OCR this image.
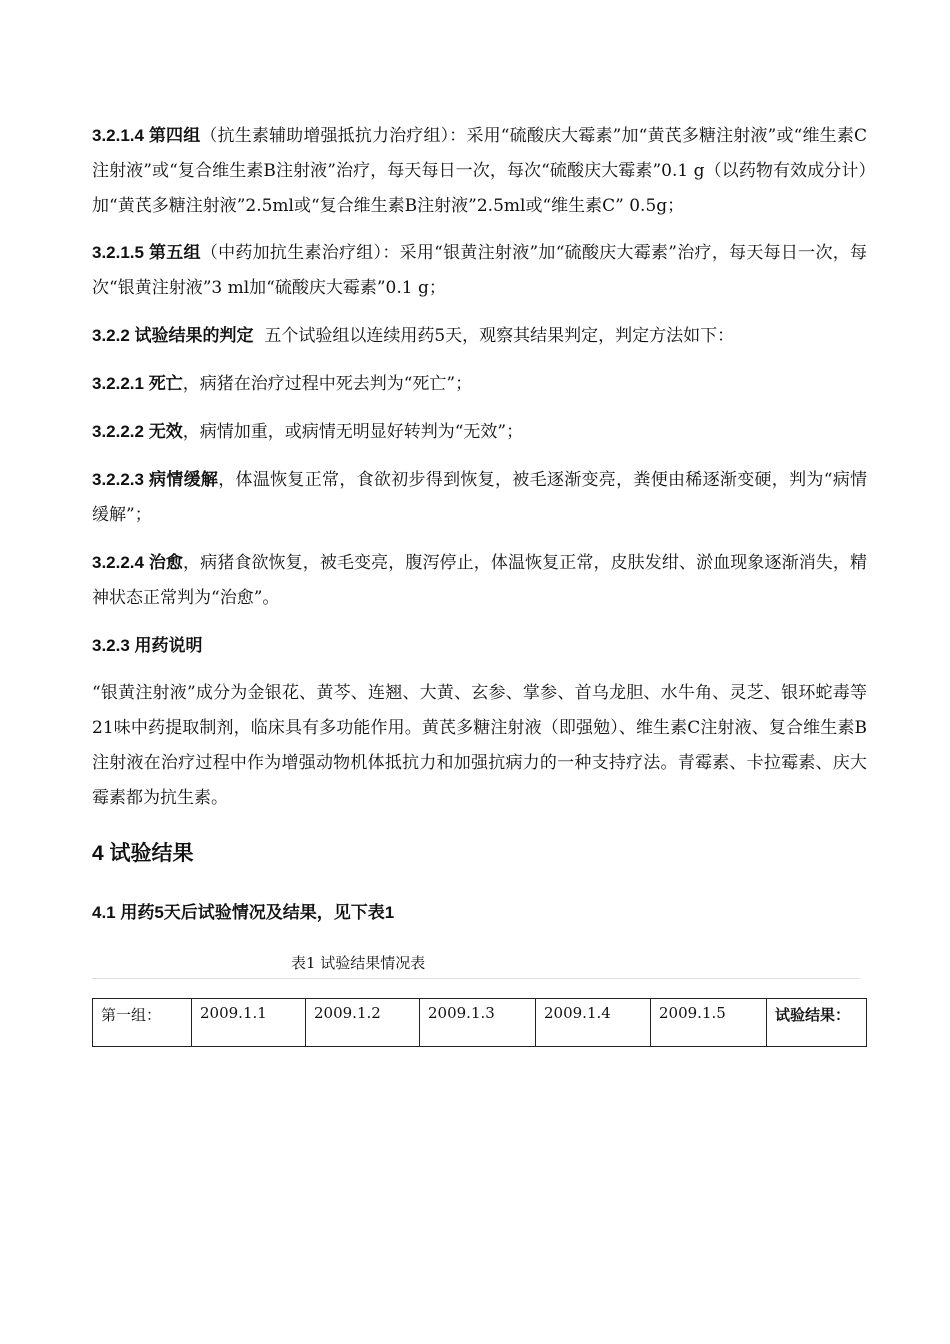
3.2.1.4 第四组（抗生素辅助增强抵抗力治疗组）：采用“硫酸庆大霉素”加“黄芪多糖注射液”或“维生素C注射液”或“复合维生素B注射液”治疗，每天每日一次，每次“硫酸庆大霉素”0.1 g（以药物有效成分计）加“黄芪多糖注射液”2.5ml或“复合维生素B注射液”2.5ml或“维生素C” 0.5g；

3.2.1.5 第五组（中药加抗生素治疗组）：采用“银黄注射液”加“硫酸庆大霉素”治疗，每天每日一次，每次“银黄注射液”3 ml加“硫酸庆大霉素”0.1 g；

3.2.2 试验结果的判定  五个试验组以连续用药5天，观察其结果判定，判定方法如下：

3.2.2.1 死亡，病猪在治疗过程中死去判为“死亡”；

3.2.2.2 无效，病情加重，或病情无明显好转判为“无效”；

3.2.2.3 病情缓解，体温恢复正常，食欲初步得到恢复，被毛逐渐变亮，粪便由稀逐渐变硬，判为“病情缓解”；

3.2.2.4 治愈，病猪食欲恢复，被毛变亮，腹泻停止，体温恢复正常，皮肤发绀、淤血现象逐渐消失，精神状态正常判为“治愈”。

3.2.3 用药说明

“银黄注射液”成分为金银花、黄芩、连翘、大黄、玄参、掌参、首乌龙胆、水牛角、灵芝、银环蛇毒等21味中药提取制剂，临床具有多功能作用。黄芪多糖注射液（即强勉）、维生素C注射液、复合维生素B注射液在治疗过程中作为增强动物机体抵抗力和加强抗病力的一种支持疗法。青霉素、卡拉霉素、庆大霉素都为抗生素。

4 试验结果
4.1 用药5天后试验情况及结果，见下表1
表1 试验结果情况表
第一组：	2009.1.1	2009.1.2	2009.1.3	2009.1.4	2009.1.5	试验结果：
